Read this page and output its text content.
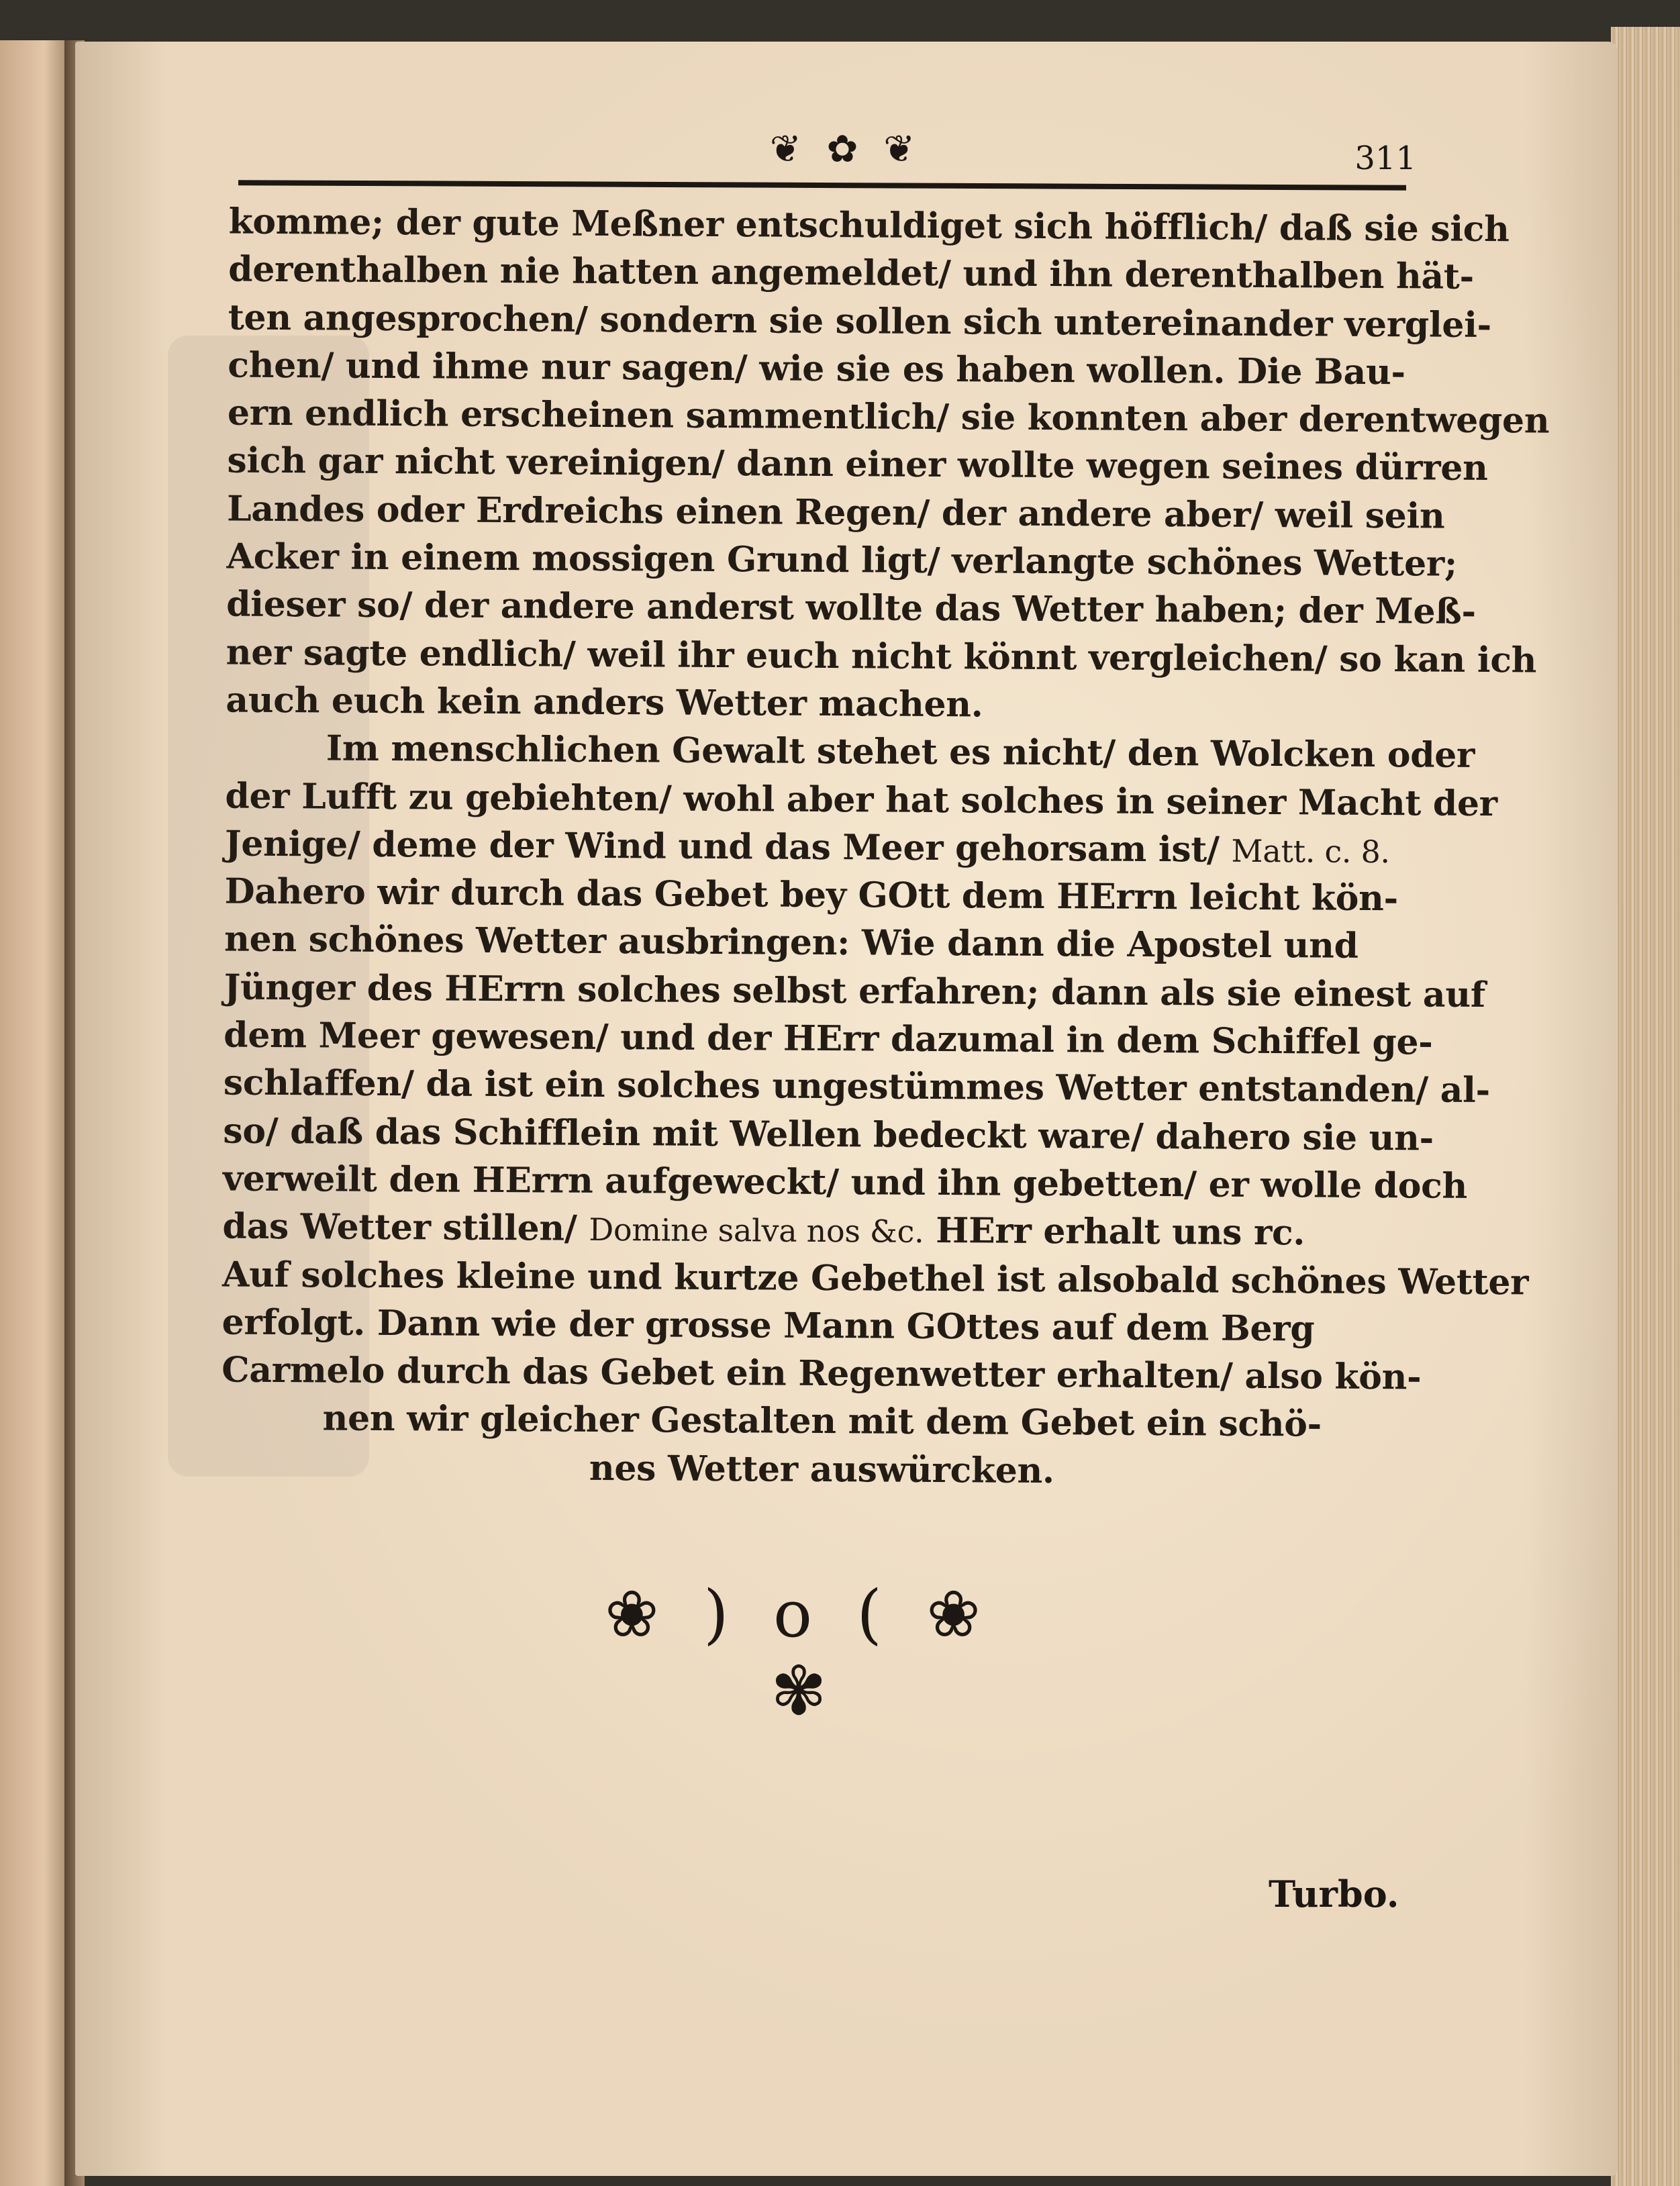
❦ ✿ ❦	311
komme; der gute Meßner entschuldiget sich höfflich/ daß sie sich
derenthalben nie hatten angemeldet/ und ihn derenthalben hät-
ten angesprochen/ sondern sie sollen sich untereinander verglei-
chen/ und ihme nur sagen/ wie sie es haben wollen. Die Bau-
ern endlich erscheinen sammentlich/ sie konnten aber derentwegen
sich gar nicht vereinigen/ dann einer wollte wegen seines dürren
Landes oder Erdreichs einen Regen/ der andere aber/ weil sein
Acker in einem mossigen Grund ligt/ verlangte schönes Wetter;
dieser so/ der andere anderst wollte das Wetter haben; der Meß-
ner sagte endlich/ weil ihr euch nicht könnt vergleichen/ so kan ich
auch euch kein anders Wetter machen.
Im menschlichen Gewalt stehet es nicht/ den Wolcken oder
der Lufft zu gebiehten/ wohl aber hat solches in seiner Macht der
Jenige/ deme der Wind und das Meer gehorsam ist/ Matt. c. 8.
Dahero wir durch das Gebet bey GOtt dem HErrn leicht kön-
nen schönes Wetter ausbringen: Wie dann die Apostel und
Jünger des HErrn solches selbst erfahren; dann als sie einest auf
dem Meer gewesen/ und der HErr dazumal in dem Schiffel ge-
schlaffen/ da ist ein solches ungestümmes Wetter entstanden/ al-
so/ daß das Schifflein mit Wellen bedeckt ware/ dahero sie un-
verweilt den HErrn aufgeweckt/ und ihn gebetten/ er wolle doch
das Wetter stillen/ Domine salva nos &c. HErr erhalt uns rc.
Auf solches kleine und kurtze Gebethel ist alsobald schönes Wetter
erfolgt. Dann wie der grosse Mann GOttes auf dem Berg
Carmelo durch das Gebet ein Regenwetter erhalten/ also kön-
nen wir gleicher Gestalten mit dem Gebet ein schö-
nes Wetter auswürcken.
❀ ) o ( ❀
✾
Turbo.
